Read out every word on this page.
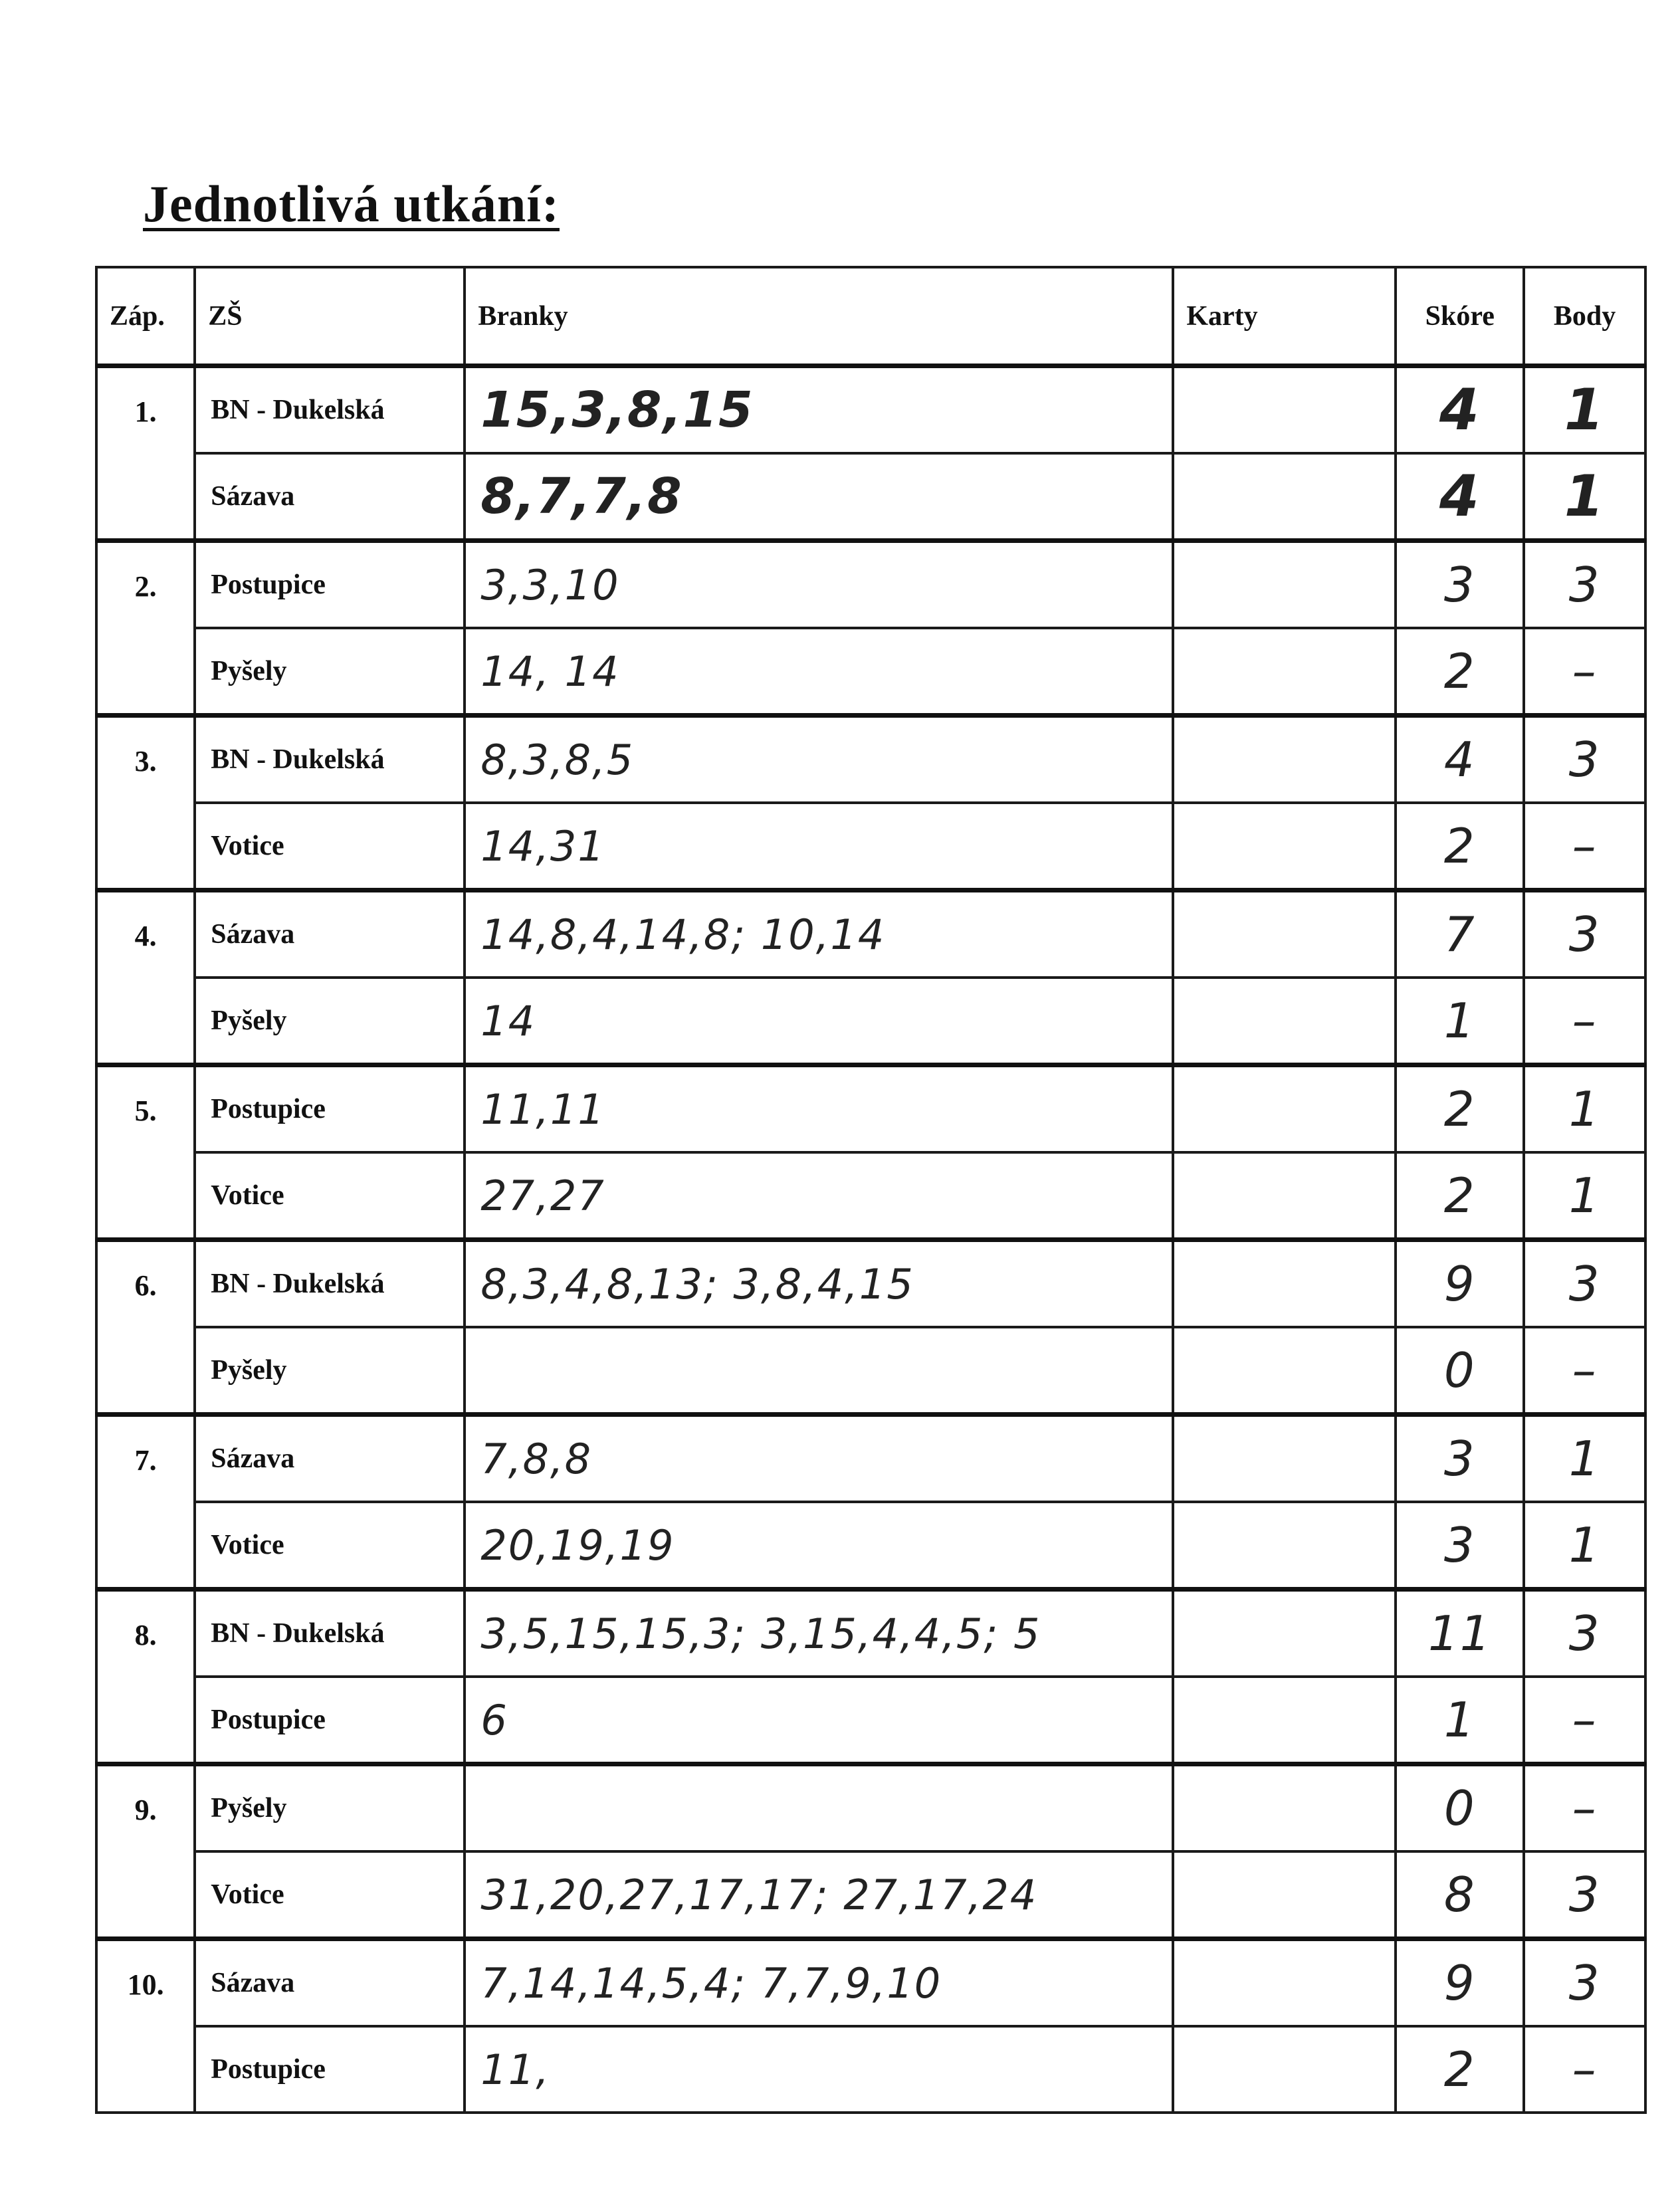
Jednotlivá utkání:
Záp.	ZŠ	Branky	Karty	Skóre	Body
1.	BN - Dukelská	15,3,8,15		4	1
	Sázava	8,7,7,8		4	1
2.	Postupice	3,3,10		3	3
	Pyšely	14, 14		2	–
3.	BN - Dukelská	8,3,8,5		4	3
	Votice	14,31		2	–
4.	Sázava	14,8,4,14,8; 10,14		7	3
	Pyšely	14		1	–
5.	Postupice	11,11		2	1
	Votice	27,27		2	1
6.	BN - Dukelská	8,3,4,8,13; 3,8,4,15		9	3
	Pyšely			0	–
7.	Sázava	7,8,8		3	1
	Votice	20,19,19		3	1
8.	BN - Dukelská	3,5,15,15,3; 3,15,4,4,5; 5		11	3
	Postupice	6		1	–
9.	Pyšely			0	–
	Votice	31,20,27,17,17; 27,17,24		8	3
10.	Sázava	7,14,14,5,4; 7,7,9,10		9	3
	Postupice	11,		2	–
